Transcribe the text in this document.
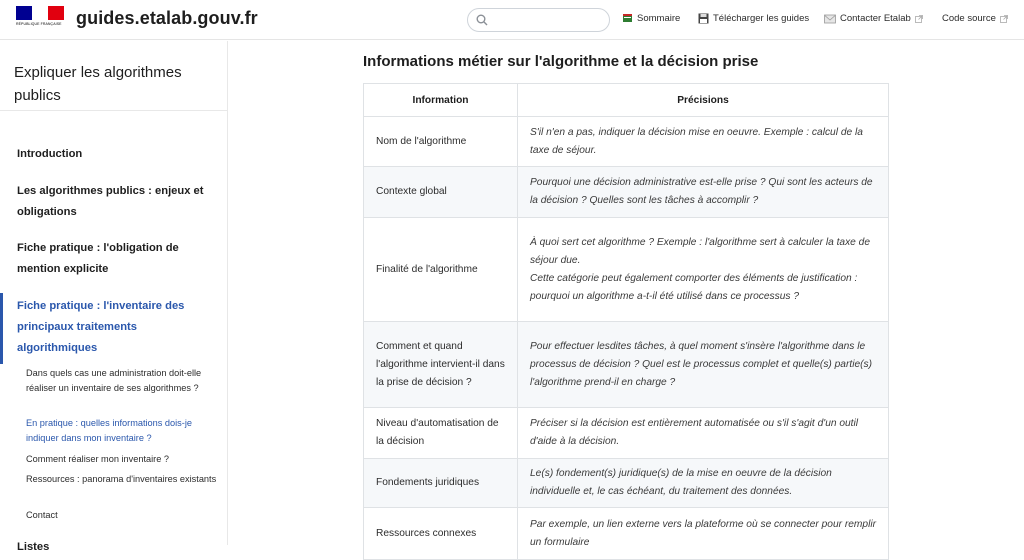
RÉPUBLIQUE FRANÇAISE guides.etalab.gouv.fr	Sommaire	Télécharger les guides	Contacter Etalab	Code source
Expliquer les algorithmes publics
Introduction
Les algorithmes publics : enjeux et obligations
Fiche pratique : l'obligation de mention explicite
Fiche pratique : l'inventaire des principaux traitements algorithmiques
Dans quels cas une administration doit-elle réaliser un inventaire de ses algorithmes ?
En pratique : quelles informations dois-je indiquer dans mon inventaire ?
Comment réaliser mon inventaire ?
Ressources : panorama d'inventaires existants
Contact
Listes
Informations métier sur l'algorithme et la décision prise
Information	Précisions
Nom de l'algorithme	S'il n'en a pas, indiquer la décision mise en oeuvre. Exemple : calcul de la taxe de séjour.
Contexte global	Pourquoi une décision administrative est-elle prise ? Qui sont les acteurs de la décision ? Quelles sont les tâches à accomplir ?
Finalité de l'algorithme	À quoi sert cet algorithme ? Exemple : l'algorithme sert à calculer la taxe de séjour due.
Cette catégorie peut également comporter des éléments de justification : pourquoi un algorithme a-t-il été utilisé dans ce processus ?
Comment et quand l'algorithme intervient-il dans la prise de décision ?	Pour effectuer lesdites tâches, à quel moment s'insère l'algorithme dans le processus de décision ? Quel est le processus complet et quelle(s) partie(s) l'algorithme prend-il en charge ?
Niveau d'automatisation de la décision	Préciser si la décision est entièrement automatisée ou s'il s'agit d'un outil d'aide à la décision.
Fondements juridiques	Le(s) fondement(s) juridique(s) de la mise en oeuvre de la décision individuelle et, le cas échéant, du traitement des données.
Ressources connexes	Par exemple, un lien externe vers la plateforme où se connecter pour remplir un formulaire
